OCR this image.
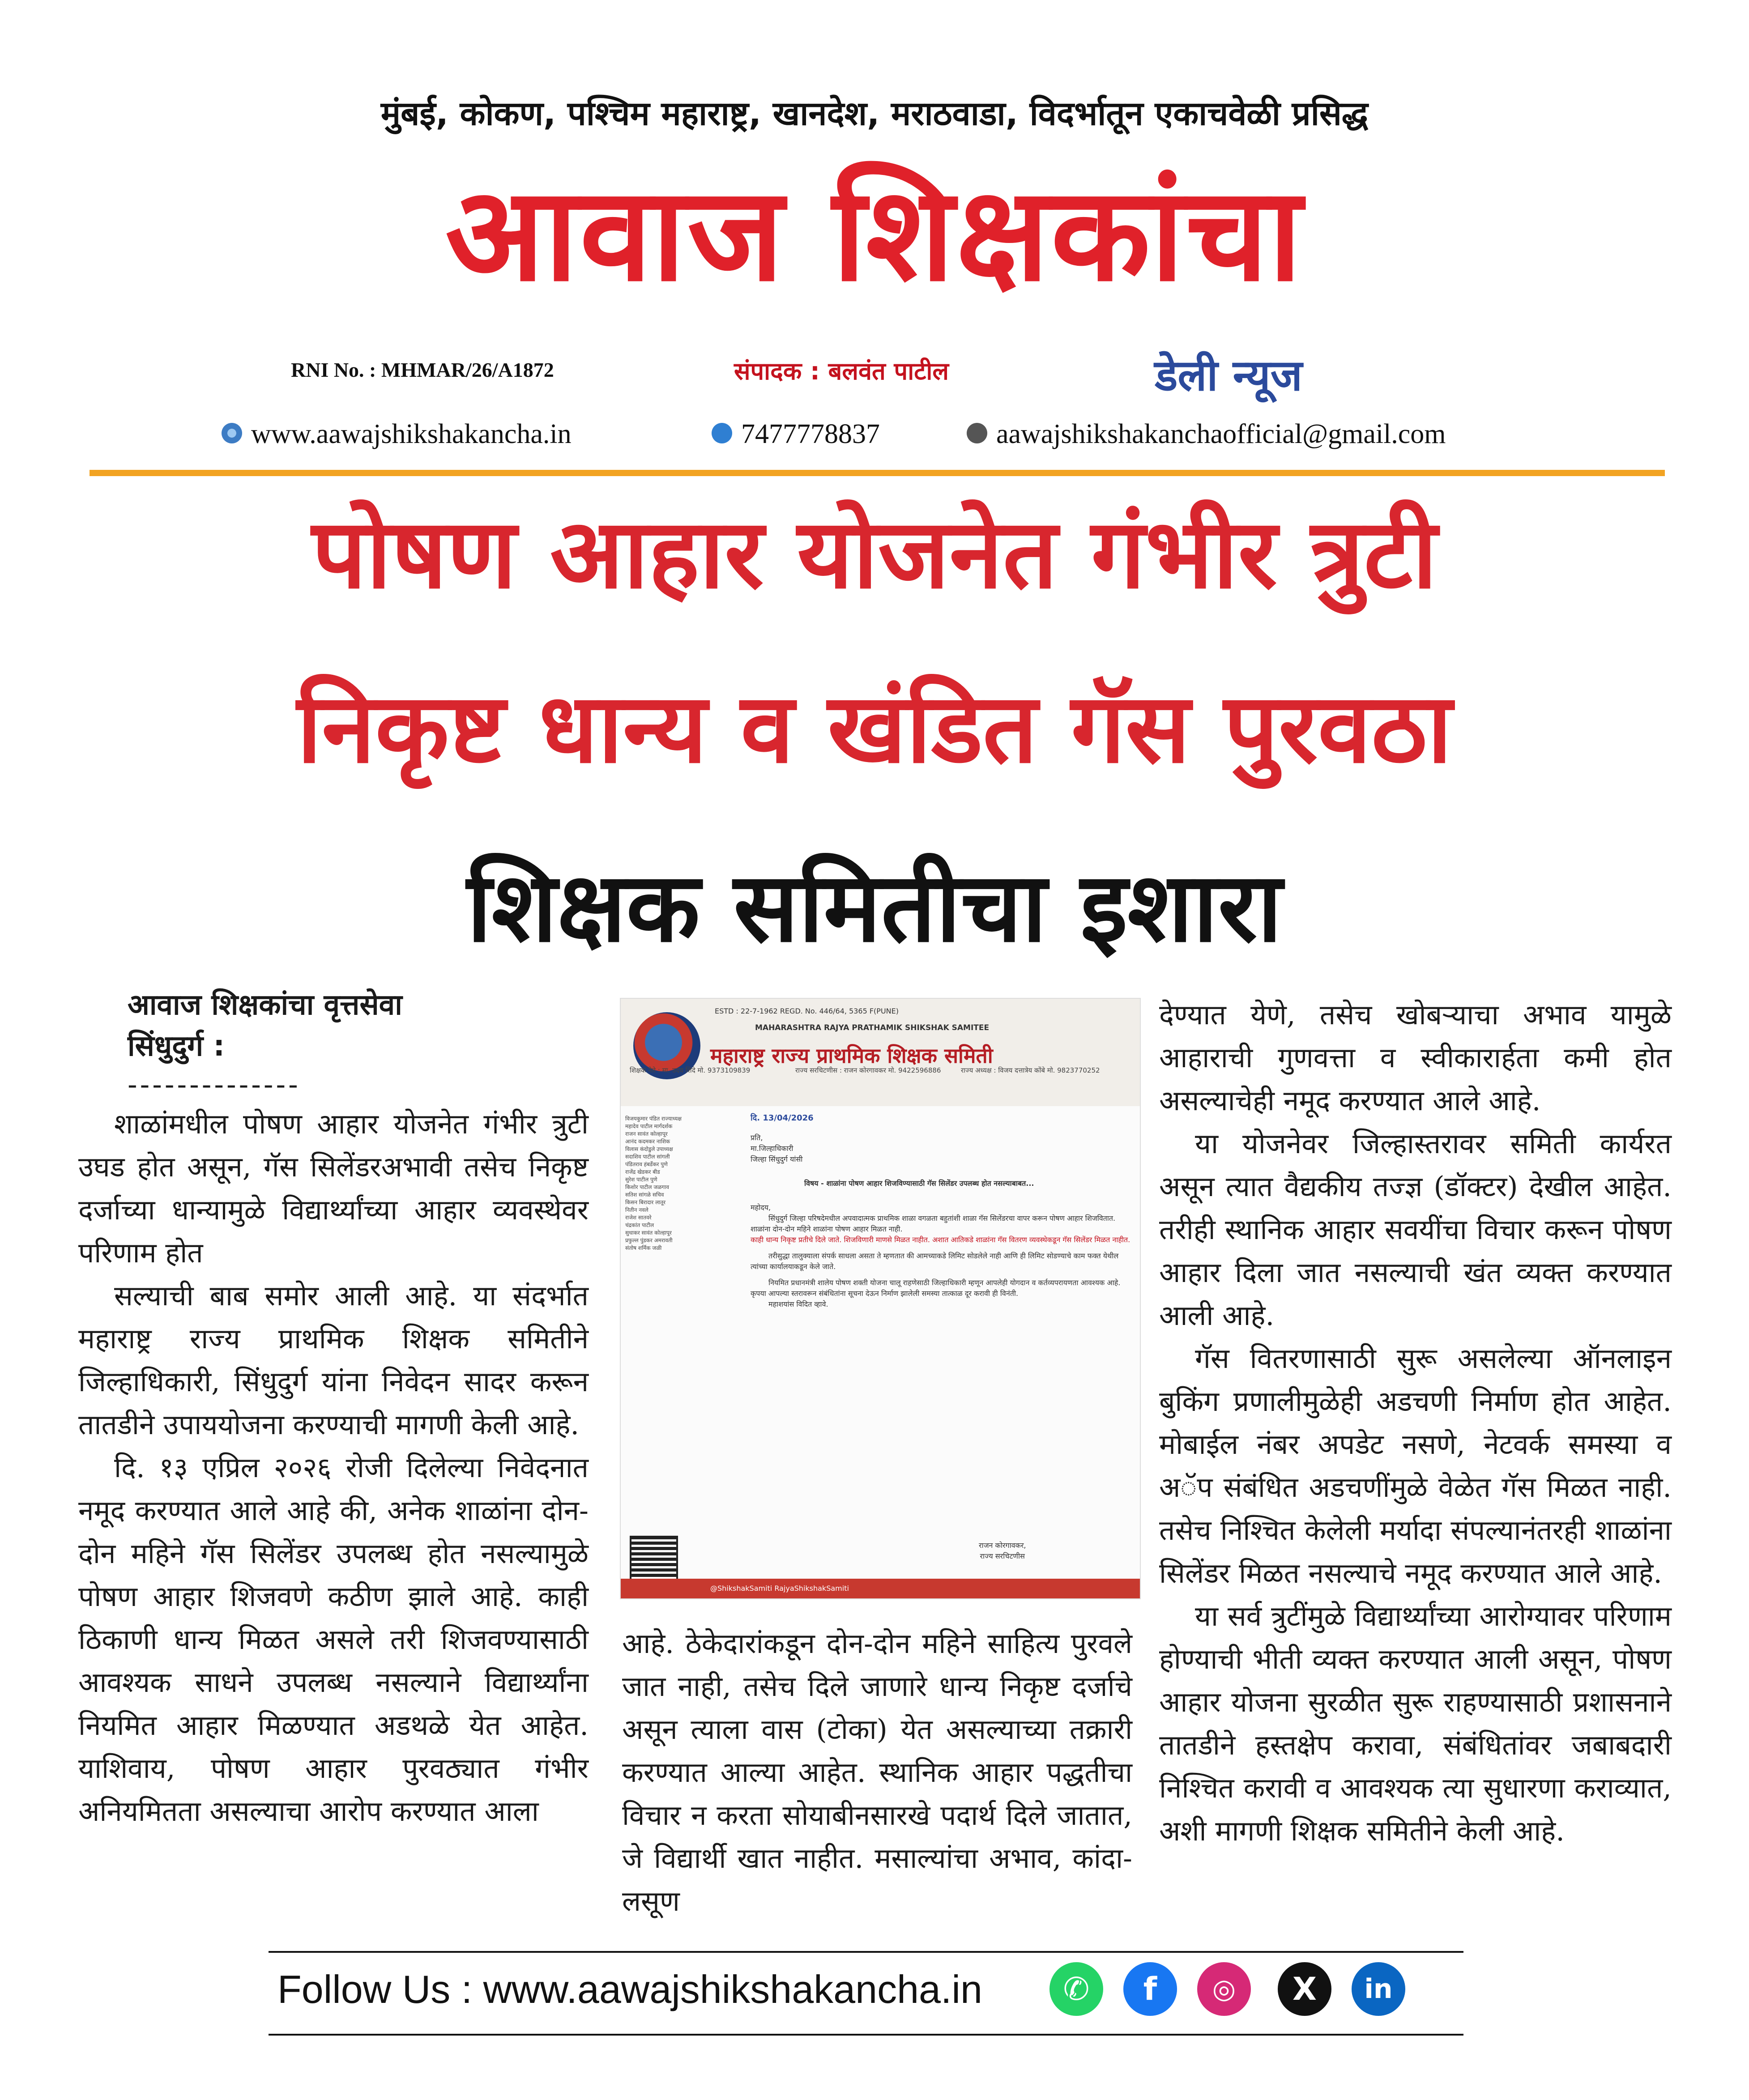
मुंबई, कोकण, पश्चिम महाराष्ट्र, खानदेश, मराठवाडा, विदर्भातून एकाचवेळी प्रसिद्ध
आवाज शिक्षकांचा
RNI No. : MHMAR/26/A1872	संपादक : बलवंत पाटील	डेली न्यूज
www.aawajshikshakancha.in	7477778837	aawajshikshakanchaofficial@gmail.com
पोषण आहार योजनेत गंभीर त्रुटी
निकृष्ट धान्य व खंडित गॅस पुरवठा
शिक्षक समितीचा इशारा
आवाज शिक्षकांचा वृत्तसेवा
सिंधुदुर्ग :
--------------

शाळांमधील पोषण आहार योजनेत गंभीर त्रुटी उघड होत असून, गॅस सिलेंडरअभावी तसेच निकृष्ट दर्जाच्या धान्यामुळे विद्यार्थ्यांच्या आहार व्यवस्थेवर परिणाम होत

सल्याची बाब समोर आली आहे. या संदर्भात महाराष्ट्र राज्य प्राथमिक शिक्षक समितीने जिल्हाधिकारी, सिंधुदुर्ग यांना निवेदन सादर करून तातडीने उपाययोजना करण्याची मागणी केली आहे.

दि. १३ एप्रिल २०२६ रोजी दिलेल्या निवेदनात नमूद करण्यात आले आहे की, अनेक शाळांना दोन-दोन महिने गॅस सिलेंडर उपलब्ध होत नसल्यामुळे पोषण आहार शिजवणे कठीण झाले आहे. काही ठिकाणी धान्य मिळत असले तरी शिजवण्यासाठी आवश्यक साधने उपलब्ध नसल्याने विद्यार्थ्यांना नियमित आहार मिळण्यात अडथळे येत आहेत. याशिवाय, पोषण आहार पुरवठ्यात गंभीर अनियमितता असल्याचा आरोप करण्यात आला

ESTD : 22-7-1962 REGD. No. 446/64, 5365 F(PUNE)
MAHARASHTRA RAJYA PRATHAMIK SHIKSHAK SAMITEE
महाराष्ट्र राज्य प्राथमिक शिक्षक समिती
शिक्षक नेते : मा. उदय शिंदे मो. 9373109839	राज्य सरचिटणीस : राजन कोरगावकर मो. 9422596886	राज्य अध्यक्ष : विजय दत्तात्रेय कोंबे मो. 9823770252
विजयकुमार पंडित राज्याध्यक्ष
महादेव पाटील मार्गदर्शक
राजन सावंत कोल्हापूर
आनंद कदमकर नाशिक
विलास कंदोडुले उपाध्यक्ष
सदाशिव पाटील सांगली
पंडितराव हंबर्डेकर पुणे
राजेंद्र खेडकर बीड
सुरेश पाटील पुणे
किशोर पाटील जळगाव
सतिश सांगळे सचिव
किसन बिरादार लातूर
नितीन नवले
राजेश सातवरे
चंद्रकांत पाटील
सुधाकर सावंत कोल्हापूर
प्रफुल्ल पुंडकर अमरावती
संतोष शर्मिक जळी
दि. 13/04/2026
प्रति,
मा.जिल्हाधिकारी
जिल्हा सिंधुदुर्ग यांसी
विषय - शाळांना पोषण आहार शिजविण्यासाठी गॅस सिलेंडर उपलब्ध होत नसल्याबाबत...
महोदय,
सिंधुदुर्ग जिल्हा परिषदेमधील अपवादात्मक प्राथमिक शाळा वगळता बहुतांशी शाळा गॅस सिलेंडरचा वापर करून पोषण आहार शिजवितात. शाळांना दोन-दोन महिने शाळांना पोषण आहार मिळत नाही.
काही धान्य निकृष्ट प्रतीचे दिले जाते. शिजविणारी माणसे मिळत नाहीत. अशात आतिकडे शाळांना गॅस वितरण व्यवस्थेकडून गॅस सिलेंडर मिळत नाहीत.
तरीसुद्धा तालुक्याला संपर्क साधला असता ते म्हणतात की आमच्याकडे लिमिट सोडलेले नाही आणि ही लिमिट सोडण्याचे काम फक्त येथील त्यांच्या कार्यालयाकडून केले जाते.
नियमित प्रधानमंत्री शालेय पोषण शक्ती योजना चालू राहणेसाठी जिल्हाधिकारी म्हणून आपलेही योगदान व कर्तव्यपरायणता आवश्यक आहे. कृपया आपल्या स्तरावरून संबंधितांना सूचना देऊन निर्माण झालेली समस्या तात्काळ दूर करावी ही विनंती.
महाशयांस विदित व्हावे.
राजन कोरगावकर,
राज्य सरचिटणीस
@ShikshakSamiti RajyaShikshakSamiti

आहे. ठेकेदारांकडून दोन-दोन महिने साहित्य पुरवले जात नाही, तसेच दिले जाणारे धान्य निकृष्ट दर्जाचे असून त्याला वास (टोका) येत असल्याच्या तक्रारी करण्यात आल्या आहेत. स्थानिक आहार पद्धतीचा विचार न करता सोयाबीनसारखे पदार्थ दिले जातात, जे विद्यार्थी खात नाहीत. मसाल्यांचा अभाव, कांदा-लसूण

देण्यात येणे, तसेच खोबऱ्याचा अभाव यामुळे आहाराची गुणवत्ता व स्वीकारार्हता कमी होत असल्याचेही नमूद करण्यात आले आहे.

या योजनेवर जिल्हास्तरावर समिती कार्यरत असून त्यात वैद्यकीय तज्ज्ञ (डॉक्टर) देखील आहेत. तरीही स्थानिक आहार सवयींचा विचार करून पोषण आहार दिला जात नसल्याची खंत व्यक्त करण्यात आली आहे.

गॅस वितरणासाठी सुरू असलेल्या ऑनलाइन बुकिंग प्रणालीमुळेही अडचणी निर्माण होत आहेत. मोबाईल नंबर अपडेट नसणे, नेटवर्क समस्या व अॅप संबंधित अडचणींमुळे वेळेत गॅस मिळत नाही. तसेच निश्चित केलेली मर्यादा संपल्यानंतरही शाळांना सिलेंडर मिळत नसल्याचे नमूद करण्यात आले आहे.

या सर्व त्रुटींमुळे विद्यार्थ्यांच्या आरोग्यावर परिणाम होण्याची भीती व्यक्त करण्यात आली असून, पोषण आहार योजना सुरळीत सुरू राहण्यासाठी प्रशासनाने तातडीने हस्तक्षेप करावा, संबंधितांवर जबाबदारी निश्चित करावी व आवश्यक त्या सुधारणा कराव्यात, अशी मागणी शिक्षक समितीने केली आहे.

Follow Us : www.aawajshikshakancha.in	✆	f	◎	X	in
